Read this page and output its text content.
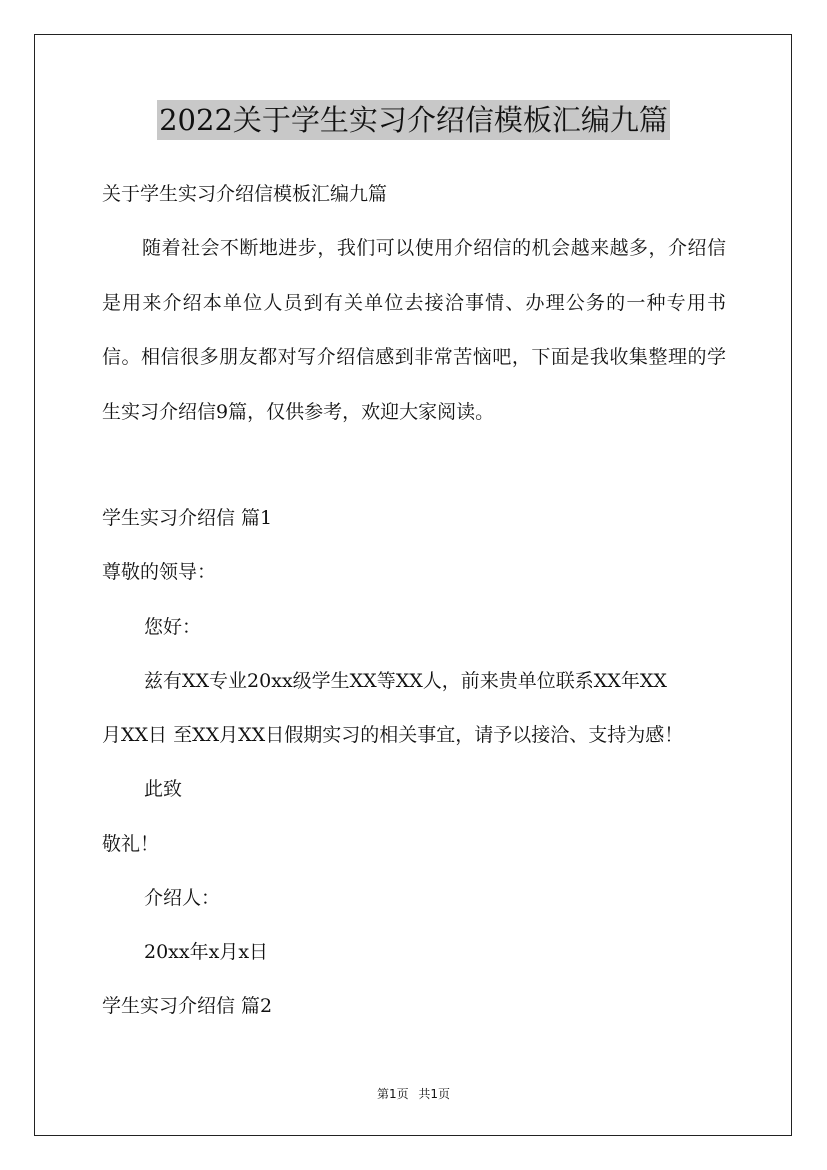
2022关于学生实习介绍信模板汇编九篇
关于学生实习介绍信模板汇编九篇
随着社会不断地进步，我们可以使用介绍信的机会越来越多，介绍信是用来介绍本单位人员到有关单位去接洽事情、办理公务的一种专用书信。相信很多朋友都对写介绍信感到非常苦恼吧，下面是我收集整理的学生实习介绍信9篇，仅供参考，欢迎大家阅读。
学生实习介绍信 篇1
尊敬的领导：
您好：
兹有XX专业20xx级学生XX等XX人，前来贵单位联系XX年XX
月XX日 至XX月XX日假期实习的相关事宜，请予以接洽、支持为感！
此致
敬礼！
介绍人：
20xx年x月x日
学生实习介绍信 篇2
第1页 共1页
